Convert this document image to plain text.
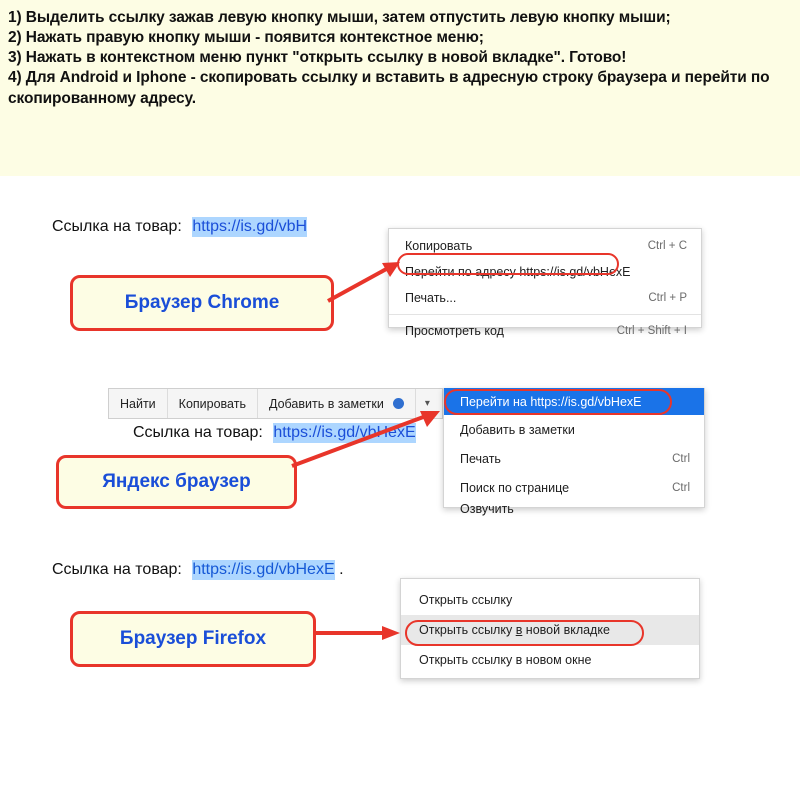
1) Выделить ссылку зажав левую кнопку мыши, затем отпустить левую кнопку мыши;

2) Нажать правую кнопку мыши - появится контекстное меню;

3) Нажать в контекстном меню пункт "открыть ссылку в новой вкладке". Готово!

4) Для Android и Iphone - скопировать ссылку и вставить в адресную строку браузера и перейти по скопированному адресу.

Ссылка на товар: https://is.gd/vbH
Копировать	Ctrl + C
Перейти по адресу https://is.gd/vbHexE
Печать...	Ctrl + P
Просмотреть код	Ctrl + Shift + I
Браузер Chrome
Найти Копировать Добавить в заметки	▾ Перейти на https://is.gd/vbHexE
Добавить в заметки
Печать	Ctrl
Поиск по странице	Ctrl
Озвучить
Ссылка на товар: https://is.gd/vbHexE
Яндекс браузер
Ссылка на товар: https://is.gd/vbHexE .
Открыть ссылку
Открыть ссылку в новой вкладке
Открыть ссылку в новом окне
Браузер Firefox
